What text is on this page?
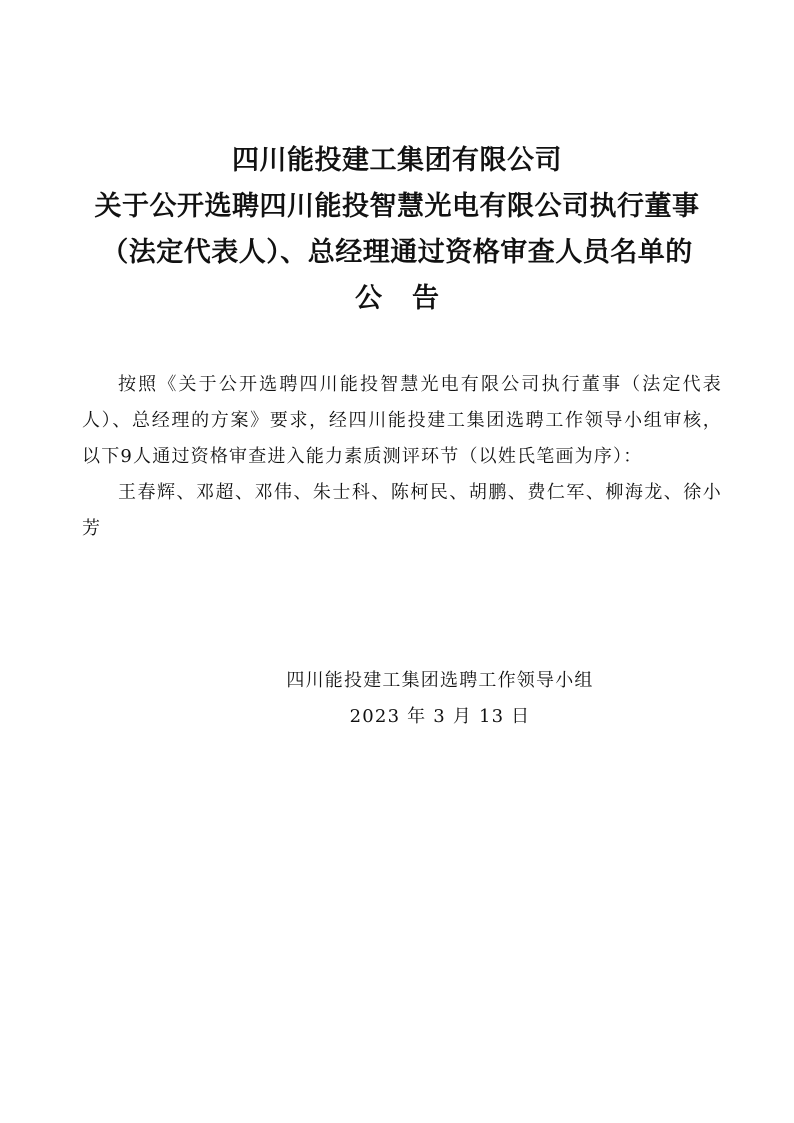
四川能投建工集团有限公司
关于公开选聘四川能投智慧光电有限公司执行董事
（法定代表人）、总经理通过资格审查人员名单的
公告

按照《关于公开选聘四川能投智慧光电有限公司执行董事（法定代表人）、总经理的方案》要求，经四川能投建工集团选聘工作领导小组审核，以下9人通过资格审查进入能力素质测评环节（以姓氏笔画为序）：

王春辉、邓超、邓伟、朱士科、陈柯民、胡鹏、费仁军、柳海龙、徐小芳

四川能投建工集团选聘工作领导小组
2023 年 3 月 13 日
